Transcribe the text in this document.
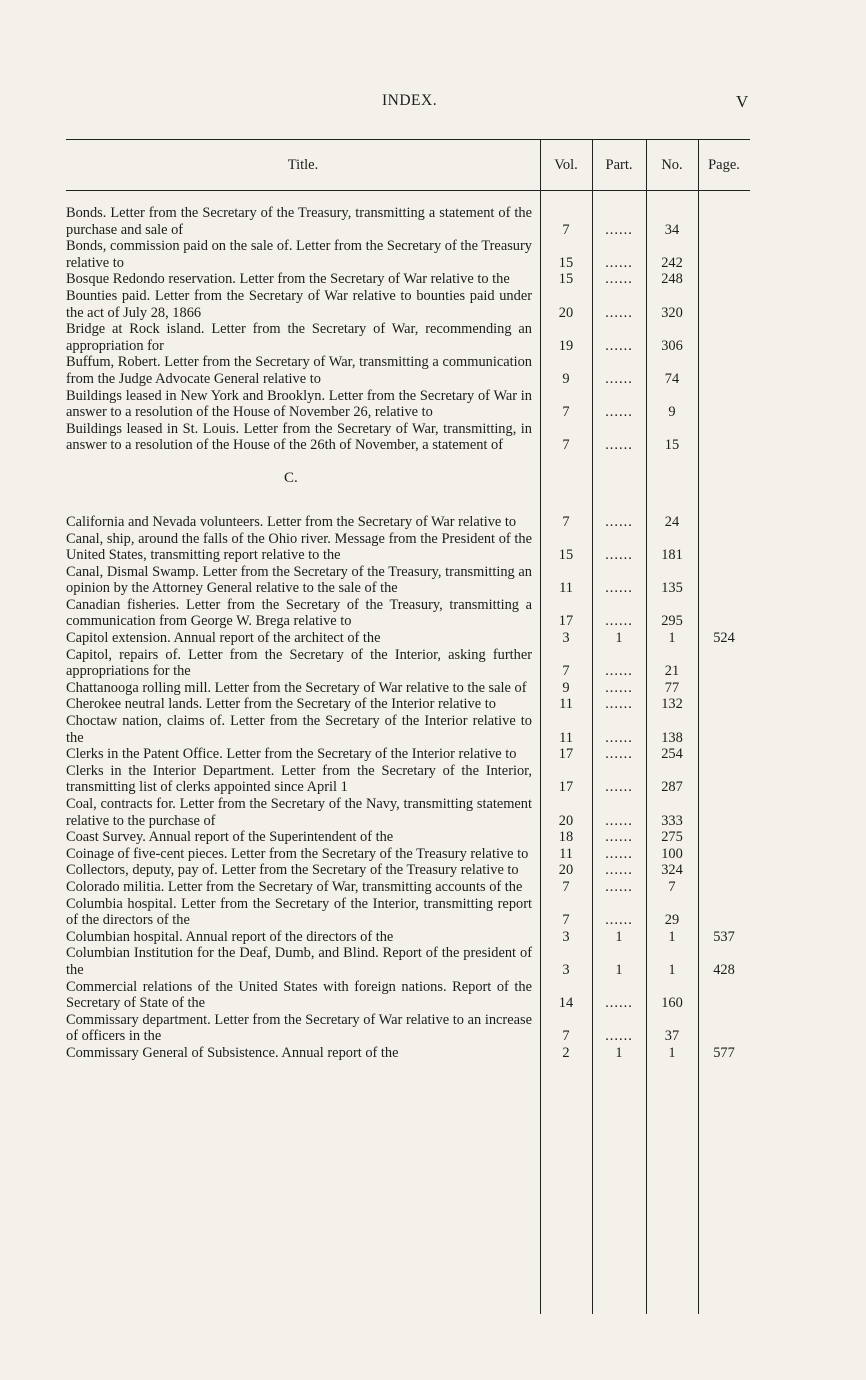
INDEX.	V
Title.	Vol.	Part.	No.	Page.
Bonds. Letter from the Secretary of the Treasury, transmitting a statement of the purchase and sale of	7	......	34
Bonds, commission paid on the sale of. Letter from the Secretary of the Treasury relative to	15	......	242
Bosque Redondo reservation. Letter from the Secretary of War relative to the	15	......	248
Bounties paid. Letter from the Secretary of War relative to bounties paid under the act of July 28, 1866	20	......	320
Bridge at Rock island. Letter from the Secretary of War, recommending an appropriation for	19	......	306
Buffum, Robert. Letter from the Secretary of War, transmitting a communication from the Judge Advocate General relative to	9	......	74
Buildings leased in New York and Brooklyn. Letter from the Secretary of War in answer to a resolution of the House of November 26, relative to	7	......	9
Buildings leased in St. Louis. Letter from the Secretary of War, transmitting, in answer to a resolution of the House of the 26th of November, a statement of	7	......	15
C.
California and Nevada volunteers. Letter from the Secretary of War relative to	7	......	24
Canal, ship, around the falls of the Ohio river. Message from the President of the United States, transmitting report relative to the	15	......	181
Canal, Dismal Swamp. Letter from the Secretary of the Treasury, transmitting an opinion by the Attorney General relative to the sale of the	11	......	135
Canadian fisheries. Letter from the Secretary of the Treasury, transmitting a communication from George W. Brega relative to	17	......	295
Capitol extension. Annual report of the architect of the	3	1	1	524
Capitol, repairs of. Letter from the Secretary of the Interior, asking further appropriations for the	7	......	21
Chattanooga rolling mill. Letter from the Secretary of War relative to the sale of	9	......	77
Cherokee neutral lands. Letter from the Secretary of the Interior relative to	11	......	132
Choctaw nation, claims of. Letter from the Secretary of the Interior relative to the	11	......	138
Clerks in the Patent Office. Letter from the Secretary of the Interior relative to	17	......	254
Clerks in the Interior Department. Letter from the Secretary of the Interior, transmitting list of clerks appointed since April 1	17	......	287
Coal, contracts for. Letter from the Secretary of the Navy, transmitting statement relative to the purchase of	20	......	333
Coast Survey. Annual report of the Superintendent of the	18	......	275
Coinage of five-cent pieces. Letter from the Secretary of the Treasury relative to	11	......	100
Collectors, deputy, pay of. Letter from the Secretary of the Treasury relative to	20	......	324
Colorado militia. Letter from the Secretary of War, transmitting accounts of the	7	......	7
Columbia hospital. Letter from the Secretary of the Interior, transmitting report of the directors of the	7	......	29
Columbian hospital. Annual report of the directors of the	3	1	1	537
Columbian Institution for the Deaf, Dumb, and Blind. Report of the president of the	3	1	1	428
Commercial relations of the United States with foreign nations. Report of the Secretary of State of the	14	......	160
Commissary department. Letter from the Secretary of War relative to an increase of officers in the	7	......	37
Commissary General of Subsistence. Annual report of the	2	1	1	577
